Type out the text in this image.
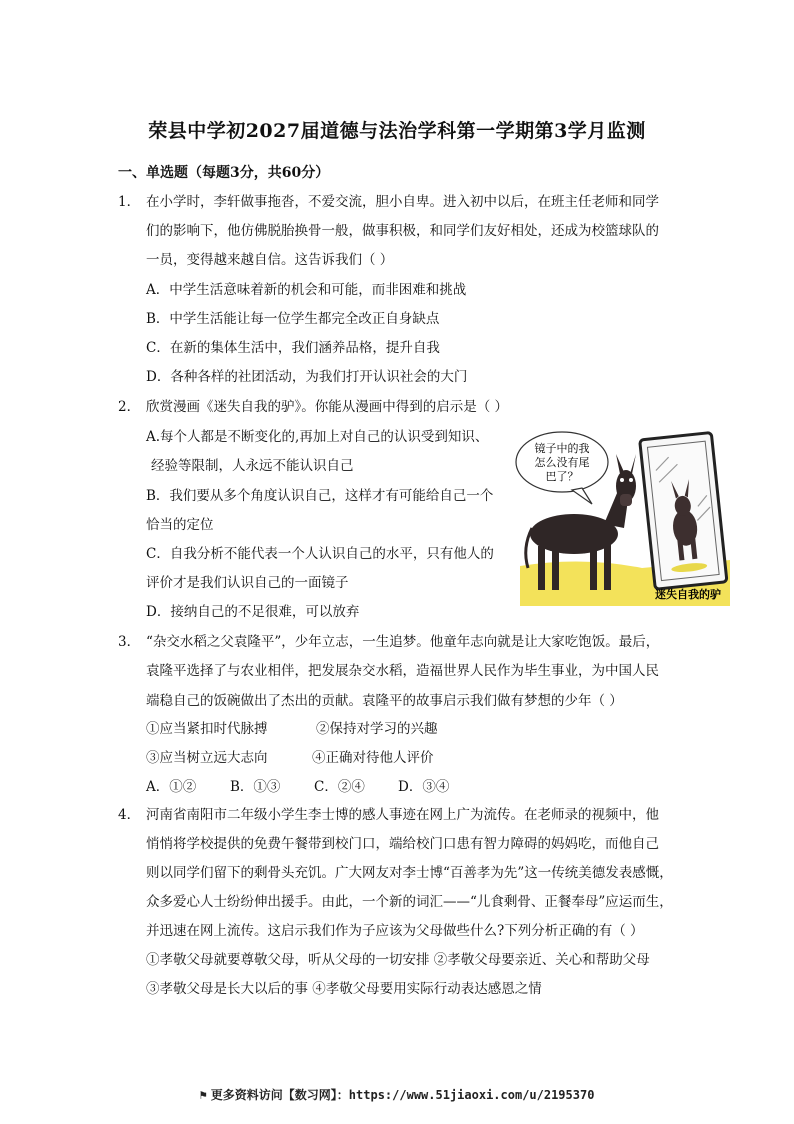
荣县中学初2027届道德与法治学科第一学期第3学月监测
一、单选题（每题3分，共60分）
1． 在小学时，李轩做事拖沓，不爱交流，胆小自卑。进入初中以后，在班主任老师和同学
们的影响下，他仿佛脱胎换骨一般，做事积极，和同学们友好相处，还成为校篮球队的
一员，变得越来越自信。这告诉我们（ ）
A．中学生活意味着新的机会和可能，而非困难和挑战
B．中学生活能让每一位学生都完全改正自身缺点
C．在新的集体生活中，我们涵养品格，提升自我
D．各种各样的社团活动，为我们打开认识社会的大门
2． 欣赏漫画《迷失自我的驴》。你能从漫画中得到的启示是（ ）
A.每个人都是不断变化的,再加上对自己的认识受到知识、
经验等限制，人永远不能认识自己
B．我们要从多个角度认识自己，这样才有可能给自己一个
恰当的定位
C．自我分析不能代表一个人认识自己的水平，只有他人的
评价才是我们认识自己的一面镜子
D．接纳自己的不足很难，可以放弃
镜子中的我
怎么没有尾
巴了？
迷失自我的驴
3． “杂交水稻之父袁隆平”，少年立志，一生追梦。他童年志向就是让大家吃饱饭。最后，
袁隆平选择了与农业相伴，把发展杂交水稻，造福世界人民作为毕生事业，为中国人民
端稳自己的饭碗做出了杰出的贡献。袁隆平的故事启示我们做有梦想的少年（ ）
①应当紧扣时代脉搏	②保持对学习的兴趣
③应当树立远大志向	④正确对待他人评价
A．①②	B．①③ C．②④ D．③④
4． 河南省南阳市二年级小学生李士博的感人事迹在网上广为流传。在老师录的视频中，他
悄悄将学校提供的免费午餐带到校门口，端给校门口患有智力障碍的妈妈吃，而他自己
则以同学们留下的剩骨头充饥。广大网友对李士博“百善孝为先”这一传统美德发表感慨，
众多爱心人士纷纷伸出援手。由此，一个新的词汇——“儿食剩骨、正餐奉母”应运而生，
并迅速在网上流传。这启示我们作为子应该为父母做些什么?下列分析正确的有（ ）
①孝敬父母就要尊敬父母，听从父母的一切安排 ②孝敬父母要亲近、关心和帮助父母
③孝敬父母是长大以后的事 ④孝敬父母要用实际行动表达感恩之情
⚑ 更多资料访问【数习网】：https://www.51jiaoxi.com/u/2195370
